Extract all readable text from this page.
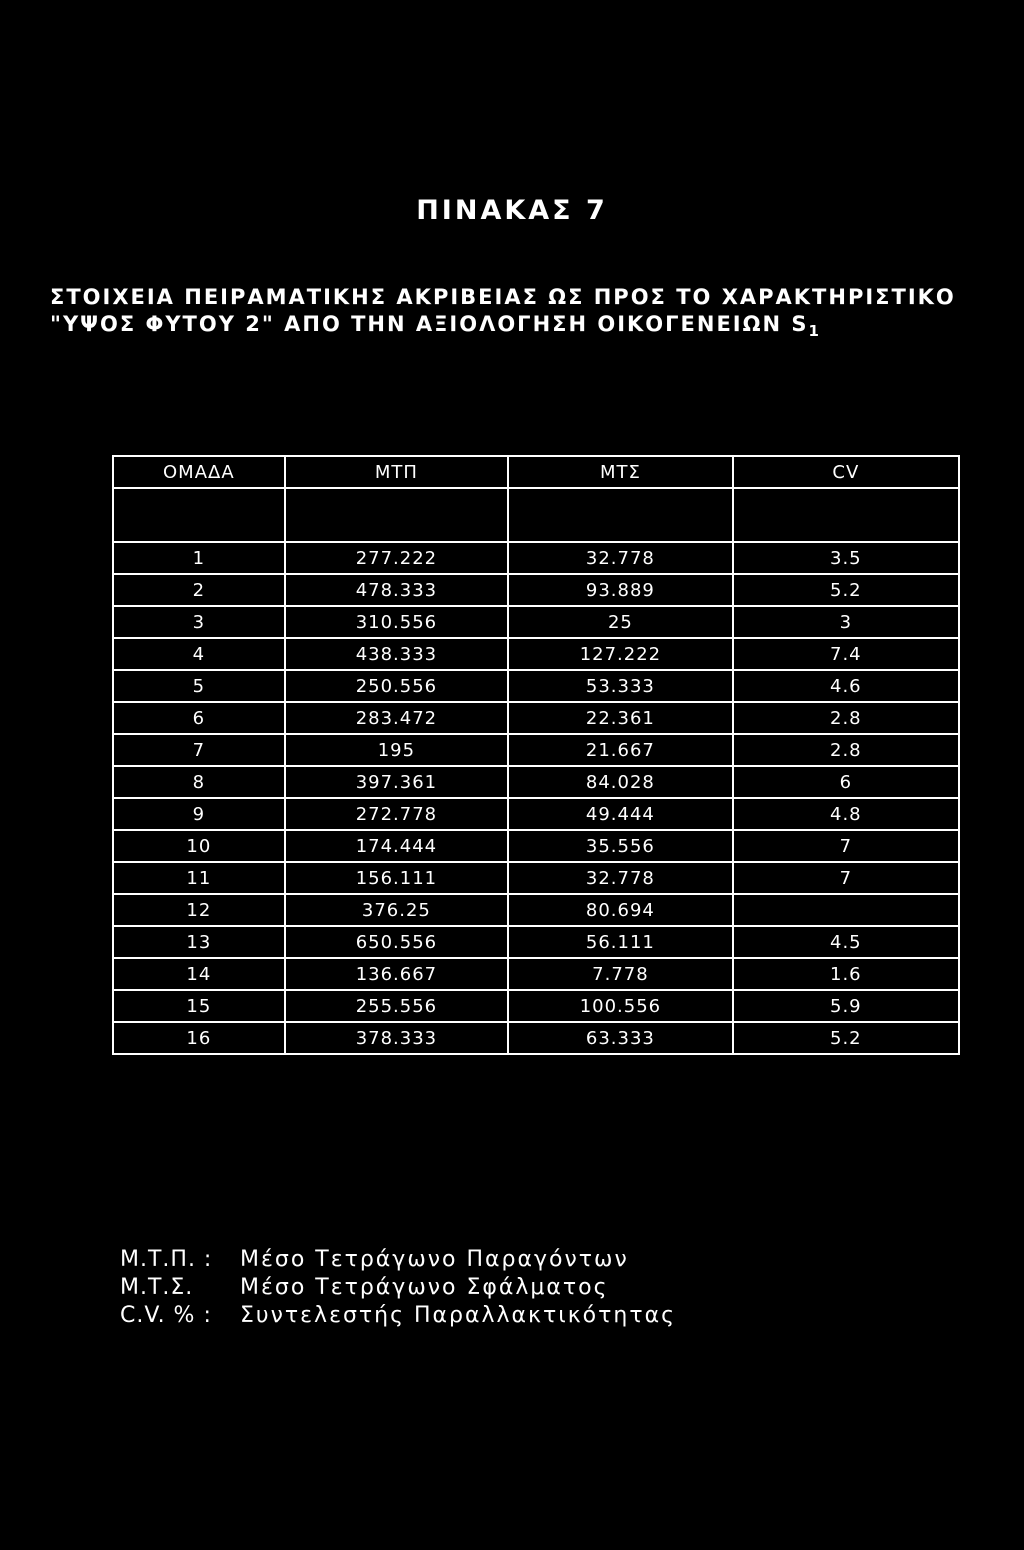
ΠΙΝΑΚΑΣ 7
ΣΤΟΙΧΕΙΑ ΠΕΙΡΑΜΑΤΙΚΗΣ ΑΚΡΙΒΕΙΑΣ ΩΣ ΠΡΟΣ ΤΟ ΧΑΡΑΚΤΗΡΙΣΤΙΚΟ
"ΥΨΟΣ ΦΥΤΟΥ 2" ΑΠΟ ΤΗΝ ΑΞΙΟΛΟΓΗΣΗ ΟΙΚΟΓΕΝΕΙΩΝ $S_1$
ΟΜΑΔΑ	ΜΤΠ	ΜΤΣ	CV

1	277.222	32.778	3.5
2	478.333	93.889	5.2
3	310.556	25	3
4	438.333	127.222	7.4
5	250.556	53.333	4.6
6	283.472	22.361	2.8
7	195	21.667	2.8
8	397.361	84.028	6
9	272.778	49.444	4.8
10	174.444	35.556	7
11	156.111	32.778	7
12	376.25	80.694	
13	650.556	56.111	4.5
14	136.667	7.778	1.6
15	255.556	100.556	5.9
16	378.333	63.333	5.2
Μ.Τ.Π. :	Μέσο Τετράγωνο Παραγόντων
Μ.Τ.Σ.	Μέσο Τετράγωνο Σφάλματος
C.V. % :	Συντελεστής Παραλλακτικότητας
